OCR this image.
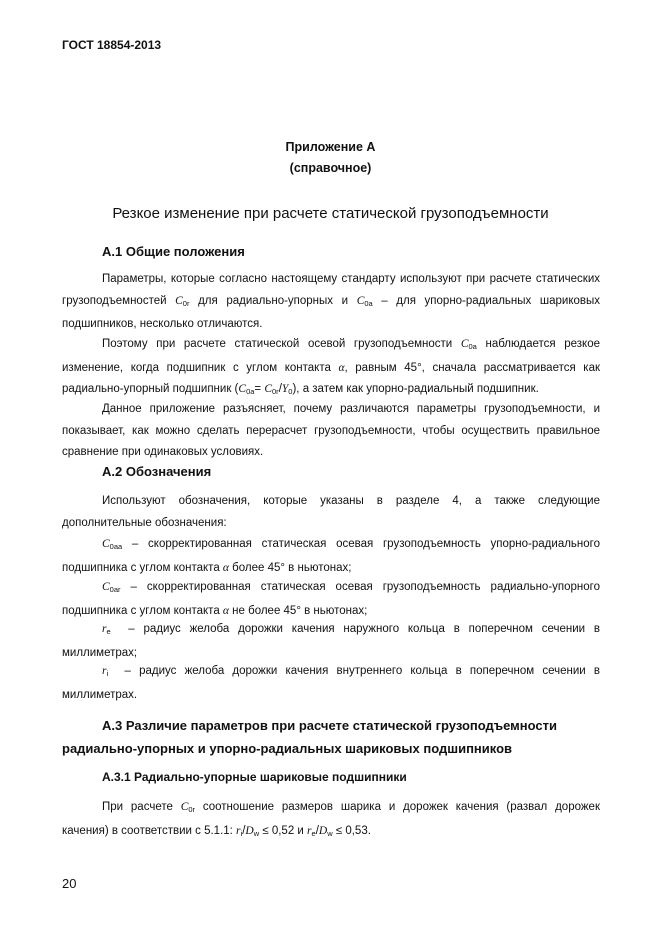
ГОСТ 18854-2013
Приложение А
(справочное)
Резкое изменение при расчете статической грузоподъемности
А.1 Общие положения
Параметры, которые согласно настоящему стандарту используют при расчете статических грузоподъемностей $C_{0r}$ для радиально-упорных и $C_{0a}$ – для упорно-радиальных шариковых подшипников, несколько отличаются.
Поэтому при расчете статической осевой грузоподъемности $C_{0a}$ наблюдается резкое изменение, когда подшипник с углом контакта α, равным 45°, сначала рассматривается как радиально-упорный подшипник $(C_{0a}= C_{0r}/Y_0)$, а затем как упорно-радиальный подшипник.
Данное приложение разъясняет, почему различаются параметры грузоподъемности, и показывает, как можно сделать перерасчет грузоподъемности, чтобы осуществить правильное сравнение при одинаковых условиях.
А.2 Обозначения
Используют обозначения, которые указаны в разделе 4, а также следующие дополнительные обозначения:
$C_{0aa}$ – скорректированная статическая осевая грузоподъемность упорно-радиального подшипника с углом контакта α более 45° в ньютонах;
$C_{0ar}$ – скорректированная статическая осевая грузоподъемность радиально-упорного подшипника с углом контакта α не более 45° в ньютонах;
$r_e$  – радиус желоба дорожки качения наружного кольца в поперечном сечении в миллиметрах;
$r_i$  – радиус желоба дорожки качения внутреннего кольца в поперечном сечении в миллиметрах.
А.3 Различие параметров при расчете статической грузоподъемности
радиально-упорных и упорно-радиальных шариковых подшипников
А.3.1 Радиально-упорные шариковые подшипники
При расчете $C_{0r}$ соотношение размеров шарика и дорожек качения (развал дорожек качения) в соответствии с 5.1.1: $r_i/D_w \le 0,52$ и $r_e/D_w \le 0,53$.
20
